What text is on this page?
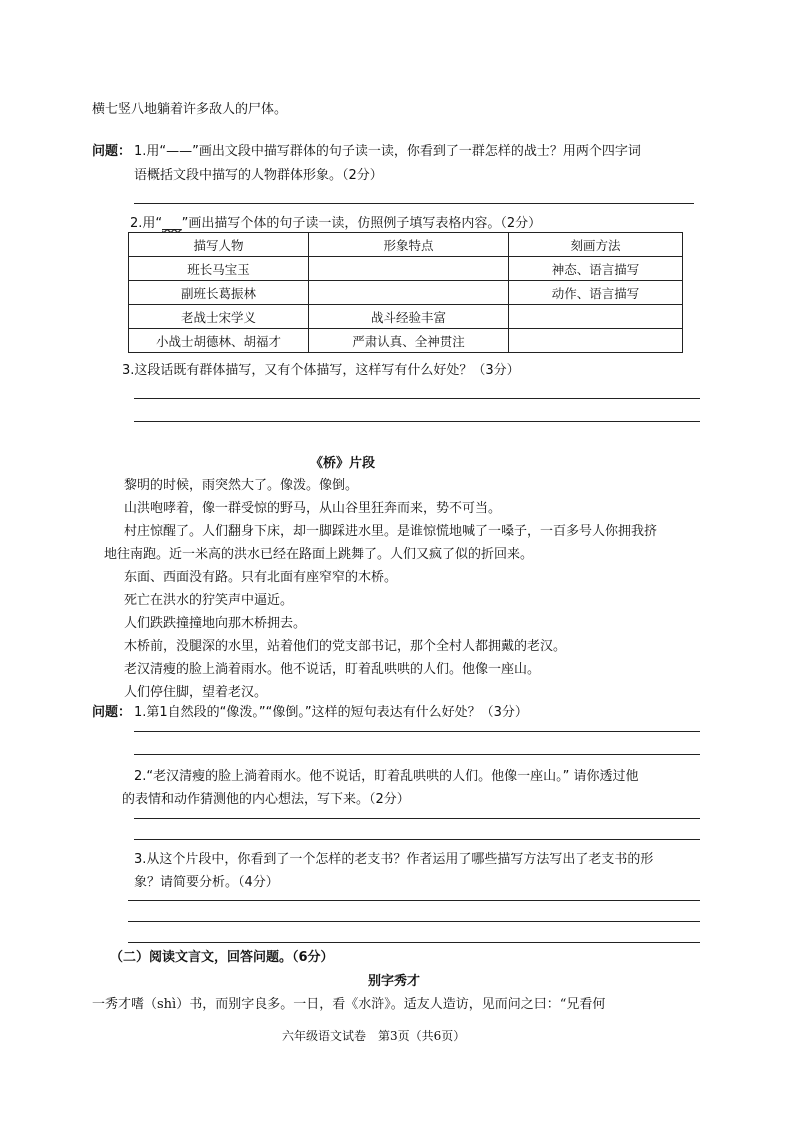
横七竖八地躺着许多敌人的尸体。
问题： 1.用“——”画出文段中描写群体的句子读一读，你看到了一群怎样的战士？用两个四字词
语概括文段中描写的人物群体形象。（2分）
2.用“___”画出描写个体的句子读一读，仿照例子填写表格内容。（2分）
描写人物	形象特点	刻画方法
班长马宝玉		神态、语言描写
副班长葛振林		动作、语言描写
老战士宋学义	战斗经验丰富	
小战士胡德林、胡福才	严肃认真、全神贯注	
3.这段话既有群体描写，又有个体描写，这样写有什么好处？（3分）
《桥》片段
黎明的时候，雨突然大了。像泼。像倒。
山洪咆哮着，像一群受惊的野马，从山谷里狂奔而来，势不可当。
村庄惊醒了。人们翻身下床，却一脚踩进水里。是谁惊慌地喊了一嗓子，一百多号人你拥我挤
地往南跑。近一米高的洪水已经在路面上跳舞了。人们又疯了似的折回来。
东面、西面没有路。只有北面有座窄窄的木桥。
死亡在洪水的狞笑声中逼近。
人们跌跌撞撞地向那木桥拥去。
木桥前，没腿深的水里，站着他们的党支部书记，那个全村人都拥戴的老汉。
老汉清瘦的脸上淌着雨水。他不说话，盯着乱哄哄的人们。他像一座山。
人们停住脚，望着老汉。
问题： 1.第1自然段的“像泼。”“像倒。”这样的短句表达有什么好处？（3分）
2.“老汉清瘦的脸上淌着雨水。他不说话，盯着乱哄哄的人们。他像一座山。” 请你透过他
的表情和动作猜测他的内心想法，写下来。（2分）
3.从这个片段中，你看到了一个怎样的老支书？作者运用了哪些描写方法写出了老支书的形
象？请简要分析。（4分）
（二）阅读文言文，回答问题。（6分）
别字秀才
一秀才嗜（shì）书，而别字良多。一日，看《水浒》。适友人造访，见而问之曰：“兄看何
六年级语文试卷　第3页（共6页）
